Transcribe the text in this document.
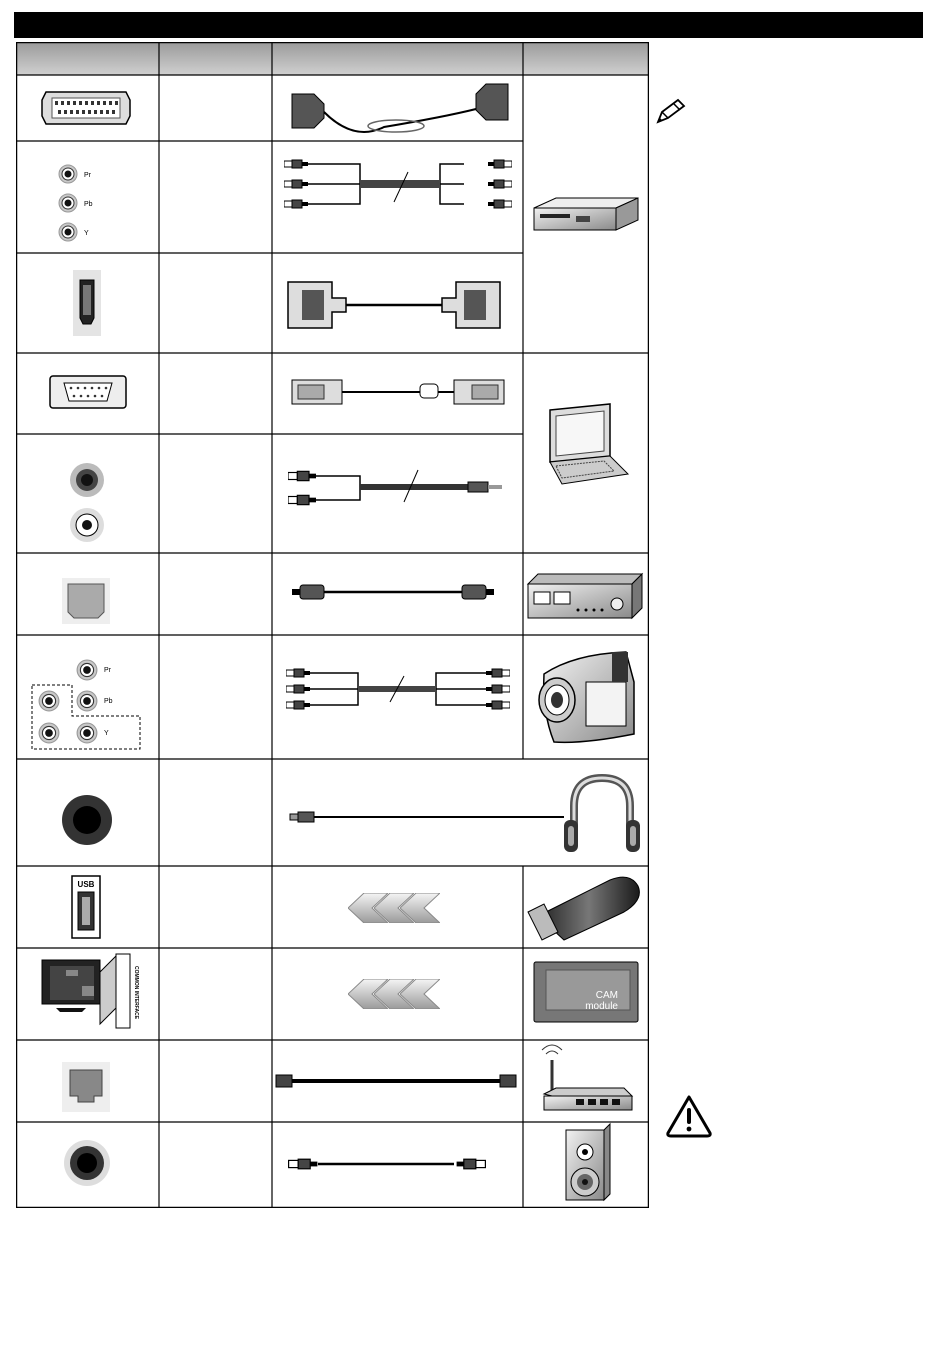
Pr
Pb
Y
Pr
Pb
Y
USB
COMMON INTERFACE	CAM
module
